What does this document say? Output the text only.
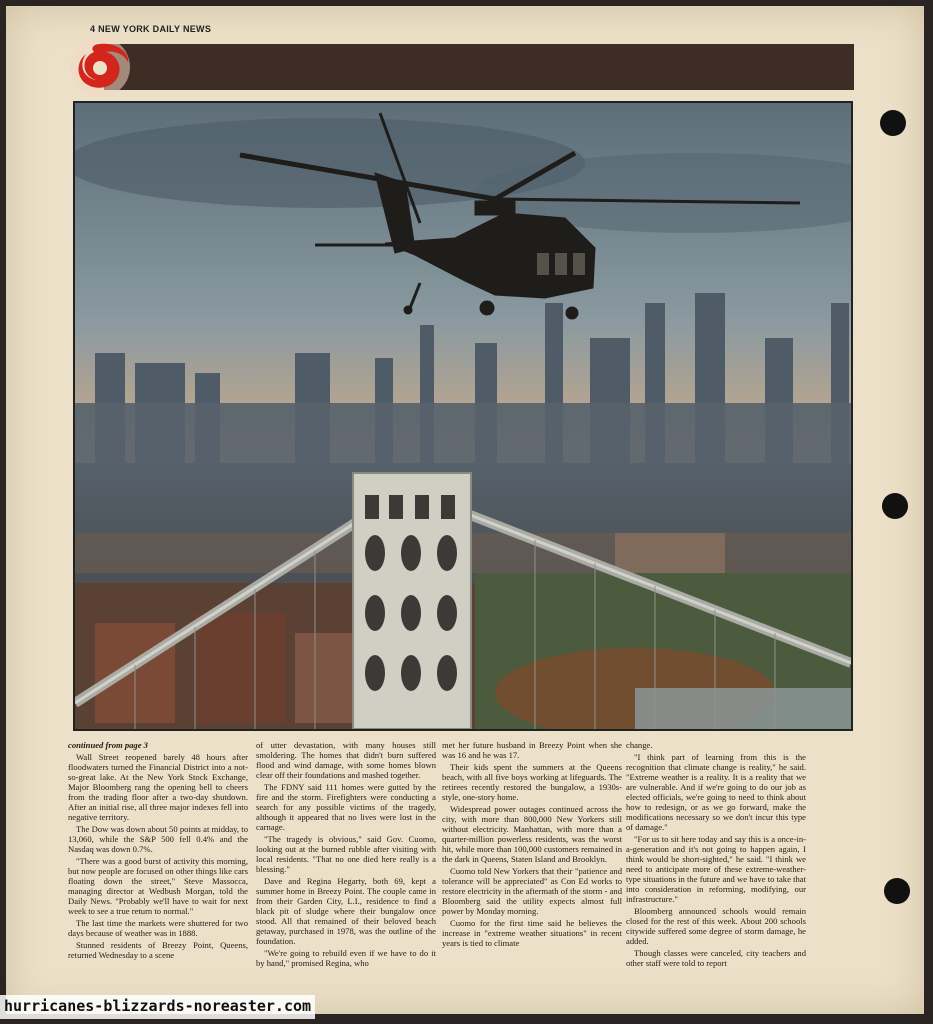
4 NEW YORK DAILY NEWS

continued from page 3

Wall Street reopened barely 48 hours after floodwaters turned the Financial District into a not-so-great lake. At the New York Stock Exchange, Major Bloomberg rang the opening bell to cheers from the trading floor after a two-day shutdown. After an initial rise, all three major indexes fell into negative territory.

The Dow was down about 50 points at midday, to 13,060, while the S&P 500 fell 0.4% and the Nasdaq was down 0.7%.

"There was a good burst of activity this morning, but now people are focused on other things like cars floating down the street," Steve Massocca, managing director at Wedbush Morgan, told the Daily News. "Probably we'll have to wait for next week to see a true return to normal."

The last time the markets were shuttered for two days because of weather was in 1888.

Stunned residents of Breezy Point, Queens, returned Wednesday to a scene

of utter devastation, with many houses still smoldering. The homes that didn't burn suffered flood and wind damage, with some homes blown clear off their foundations and mashed together.

The FDNY said 111 homes were gutted by the fire and the storm. Firefighters were conducting a search for any possible victims of the tragedy, although it appeared that no lives were lost in the carnage.

"The tragedy is obvious," said Gov. Cuomo, looking out at the burned rubble after visiting with local residents. "That no one died here really is a blessing."

Dave and Regina Hegarty, both 69, kept a summer home in Breezy Point. The couple came in from their Garden City, L.I., residence to find a black pit of sludge where their bungalow once stood. All that remained of their beloved beach getaway, purchased in 1978, was the outline of the foundation.

"We're going to rebuild even if we have to do it by hand," promised Regina, who

met her future husband in Breezy Point when she was 16 and he was 17.

Their kids spent the summers at the Queens beach, with all five boys working at lifeguards. The retirees recently restored the bungalow, a 1930s-style, one-story home.

Widespread power outages continued across the city, with more than 800,000 New Yorkers still without electricity. Manhattan, with more than a quarter-million powerless residents, was the worst hit, while more than 100,000 customers remained in the dark in Queens, Staten Island and Brooklyn.

Cuomo told New Yorkers that their "patience and tolerance will be appreciated" as Con Ed works to restore electricity in the aftermath of the storm - and Bloomberg said the utility expects almost full power by Monday morning.

Cuomo for the first time said he believes the increase in "extreme weather situations" in recent years is tied to climate

change.

"I think part of learning from this is the recognition that climate change is reality," he said. "Extreme weather is a reality. It is a reality that we are vulnerable. And if we're going to do our job as elected officials, we're going to need to think about how to redesign, or as we go forward, make the modifications necessary so we don't incur this type of damage."

"For us to sit here today and say this is a once-in-a-generation and it's not going to happen again, I think would be short-sighted," he said. "I think we need to anticipate more of these extreme-weather-type situations in the future and we have to take that into consideration in reforming, modifying, our infrastructure."

Bloomberg announced schools would remain closed for the rest of this week. About 200 schools citywide suffered some degree of storm damage, he added.

Though classes were canceled, city teachers and other staff were told to report

hurricanes-blizzards-noreaster.com
